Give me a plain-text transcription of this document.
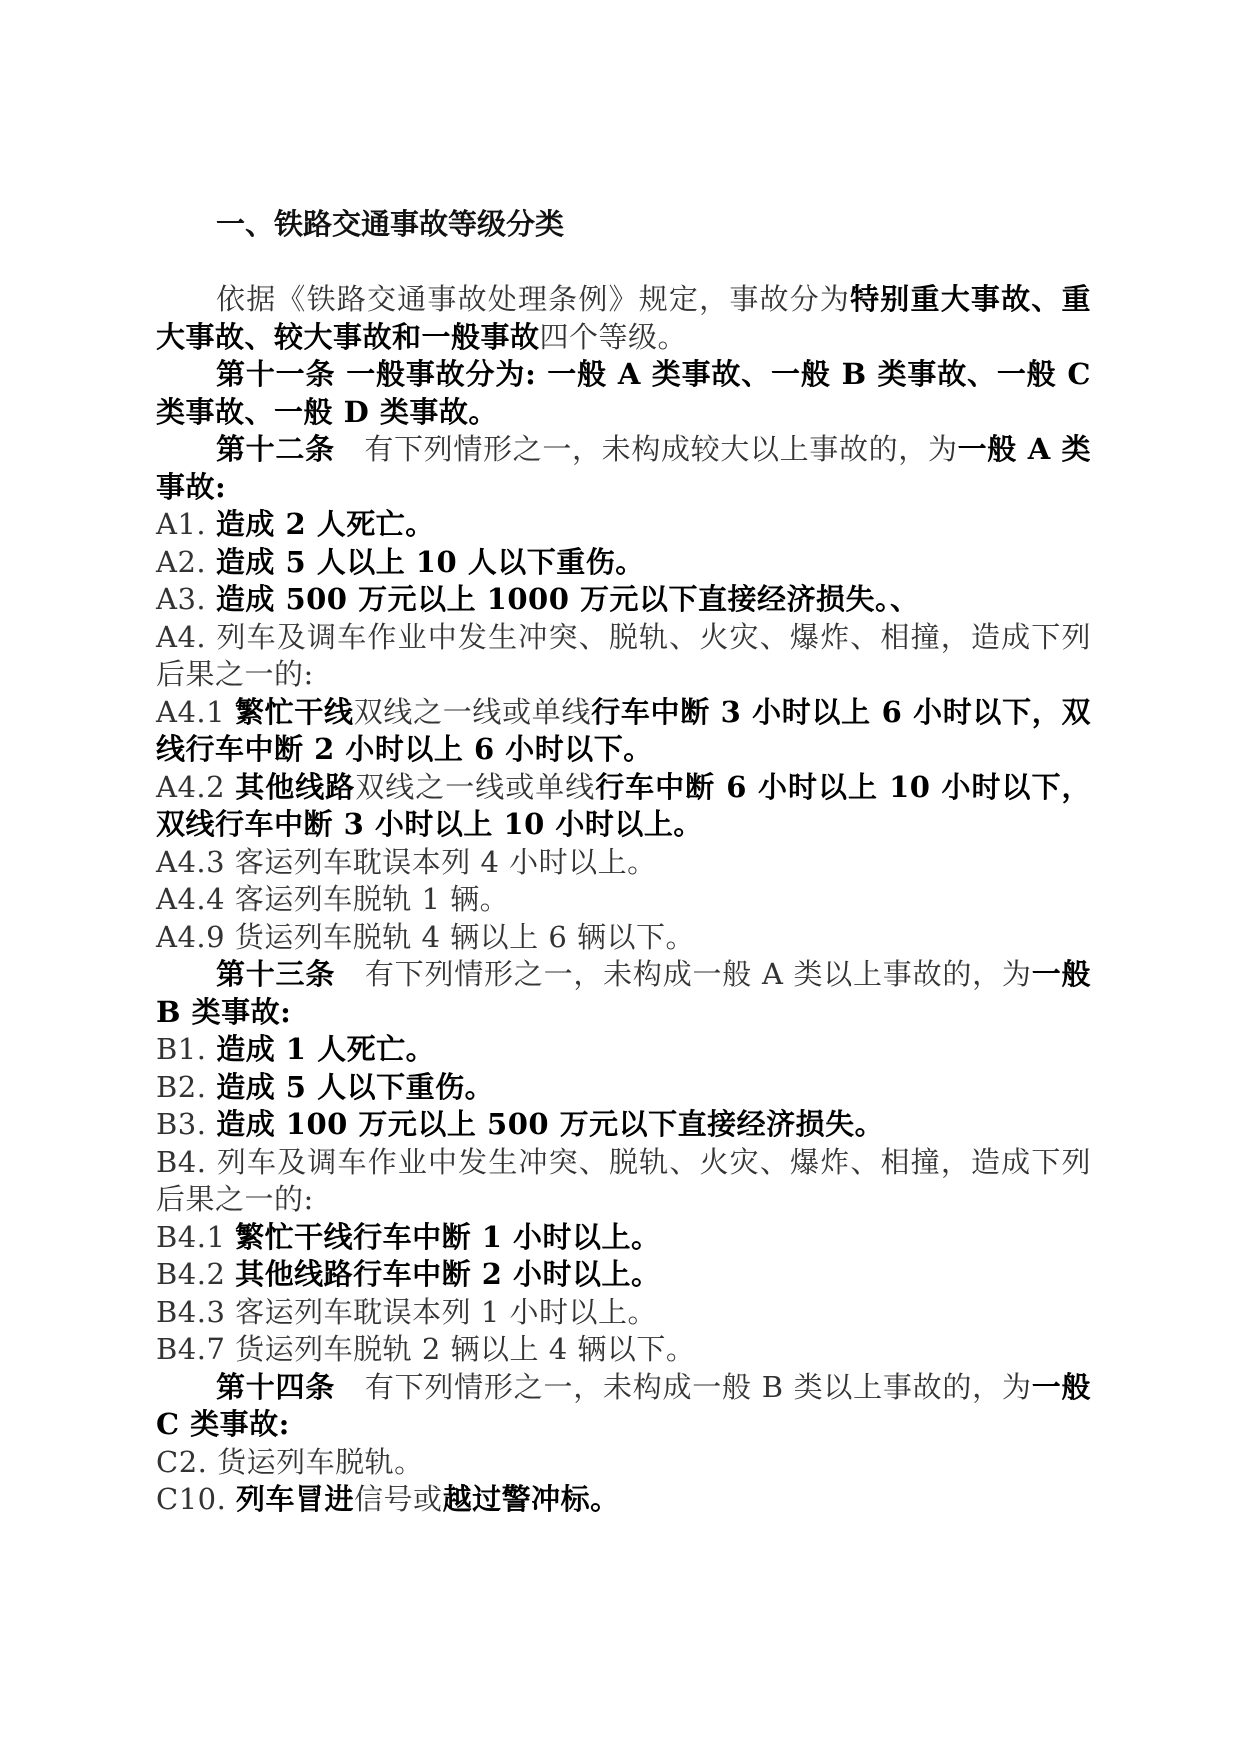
一、铁路交通事故等级分类

依据《铁路交通事故处理条例》规定，事故分为特别重大事故、重大事故、较大事故和一般事故四个等级。

第十一条 一般事故分为: 一般 A 类事故、一般 B 类事故、一般 C 类事故、一般 D 类事故。

第十二条　有下列情形之一，未构成较大以上事故的，为一般 A 类事故:

A1. 造成 2 人死亡。

A2. 造成 5 人以上 10 人以下重伤。

A3. 造成 500 万元以上 1000 万元以下直接经济损失。、

A4. 列车及调车作业中发生冲突、脱轨、火灾、爆炸、相撞，造成下列后果之一的:

A4.1 繁忙干线双线之一线或单线行车中断 3 小时以上 6 小时以下，双线行车中断 2 小时以上 6 小时以下。

A4.2 其他线路双线之一线或单线行车中断 6 小时以上 10 小时以下，双线行车中断 3 小时以上 10 小时以上。

A4.3 客运列车耽误本列 4 小时以上。

A4.4 客运列车脱轨 1 辆。

A4.9 货运列车脱轨 4 辆以上 6 辆以下。

第十三条　有下列情形之一，未构成一般 A 类以上事故的，为一般 B 类事故:

B1. 造成 1 人死亡。

B2. 造成 5 人以下重伤。

B3. 造成 100 万元以上 500 万元以下直接经济损失。

B4. 列车及调车作业中发生冲突、脱轨、火灾、爆炸、相撞，造成下列后果之一的:

B4.1 繁忙干线行车中断 1 小时以上。

B4.2 其他线路行车中断 2 小时以上。

B4.3 客运列车耽误本列 1 小时以上。

B4.7 货运列车脱轨 2 辆以上 4 辆以下。

第十四条　有下列情形之一，未构成一般 B 类以上事故的，为一般 C 类事故:

C2. 货运列车脱轨。

C10. 列车冒进信号或越过警冲标。
